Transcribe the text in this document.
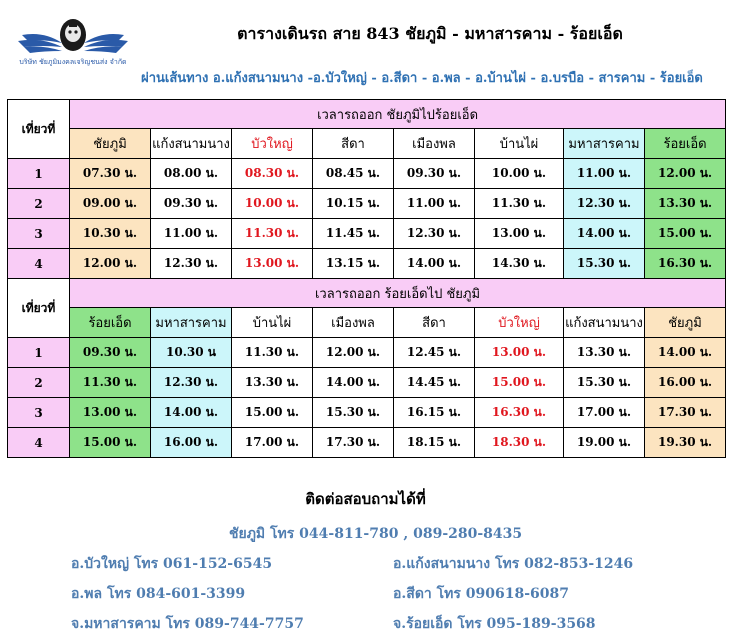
บริษัท ชัยภูมิมงคลเจริญชนส่ง จำกัด
ตารางเดินรถ สาย 843 ชัยภูมิ - มหาสารคาม - ร้อยเอ็ด
ผ่านเส้นทาง อ.แก้งสนามนาง -อ.บัวใหญ่ - อ.สีดา - อ.พล - อ.บ้านไผ่ - อ.บรบือ - สารคาม - ร้อยเอ็ด
เที่ยวที่	เวลารถออก ชัยภูมิไปร้อยเอ็ด							
	ชัยภูมิ	แก้งสนามนาง	บัวใหญ่	สีดา	เมืองพล	บ้านไผ่	มหาสารคาม	ร้อยเอ็ด
1	07.30 น.	08.00 น.	08.30 น.	08.45 น.	09.30 น.	10.00 น.	11.00 น.	12.00 น.
2	09.00 น.	09.30 น.	10.00 น.	10.15 น.	11.00 น.	11.30 น.	12.30 น.	13.30 น.
3	10.30 น.	11.00 น.	11.30 น.	11.45 น.	12.30 น.	13.00 น.	14.00 น.	15.00 น.
4	12.00 น.	12.30 น.	13.00 น.	13.15 น.	14.00 น.	14.30 น.	15.30 น.	16.30 น.
เที่ยวที่	เวลารถออก ร้อยเอ็ดไป ชัยภูมิ							
	ร้อยเอ็ด	มหาสารคาม	บ้านไผ่	เมืองพล	สีดา	บัวใหญ่	แก้งสนามนาง	ชัยภูมิ
1	09.30 น.	10.30 น	11.30 น.	12.00 น.	12.45 น.	13.00 น.	13.30 น.	14.00 น.
2	11.30 น.	12.30 น.	13.30 น.	14.00 น.	14.45 น.	15.00 น.	15.30 น.	16.00 น.
3	13.00 น.	14.00 น.	15.00 น.	15.30 น.	16.15 น.	16.30 น.	17.00 น.	17.30 น.
4	15.00 น.	16.00 น.	17.00 น.	17.30 น.	18.15 น.	18.30 น.	19.00 น.	19.30 น.
ติดต่อสอบถามได้ที่
ชัยภูมิ โทร 044-811-780 , 089-280-8435
อ.บัวใหญ่ โทร 061-152-6545
อ.พล โทร 084-601-3399
จ.มหาสารคาม โทร 089-744-7757
อ.แก้งสนามนาง โทร 082-853-1246
อ.สีดา โทร 090618-6087
จ.ร้อยเอ็ด โทร 095-189-3568
